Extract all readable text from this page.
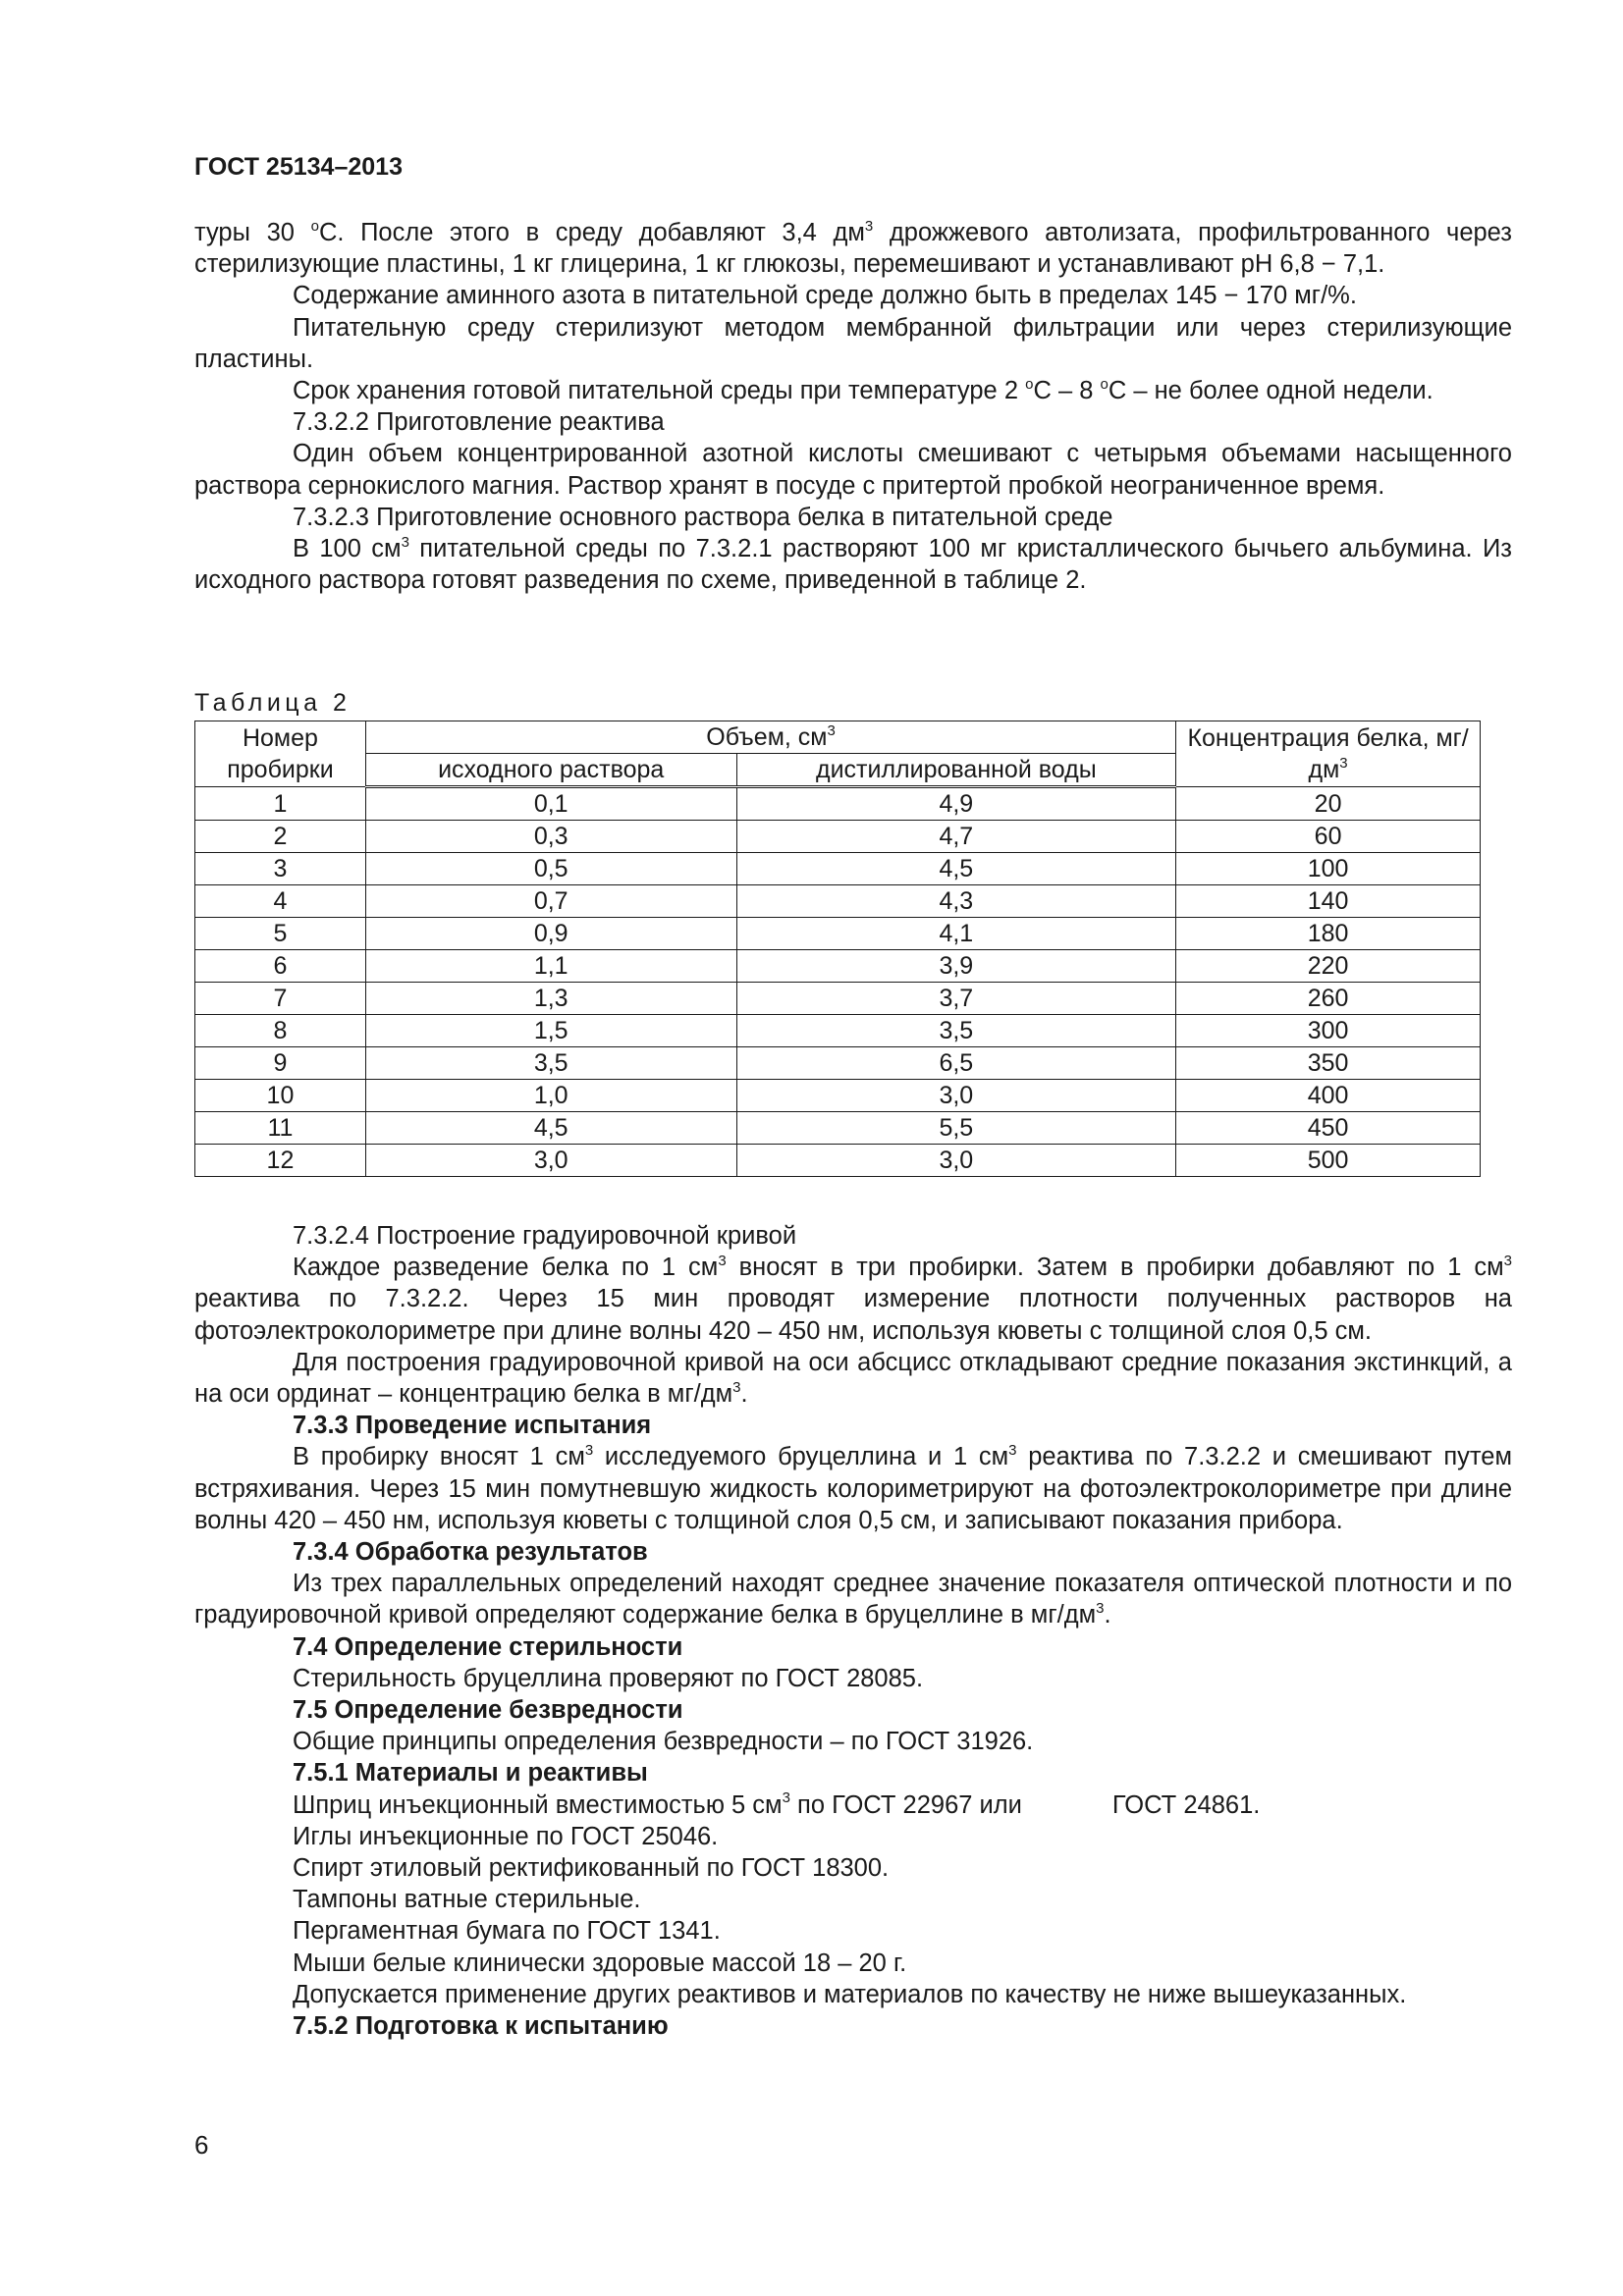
ГОСТ 25134–2013

туры 30 $^о$С. После этого в среду добавляют 3,4 $дм^3$ дрожжевого автолизата, профильтрованного через стерилизующие пластины, 1 кг глицерина, 1 кг глюкозы, перемешивают и устанавливают pH 6,8 − 7,1.

Содержание аминного азота в питательной среде должно быть в пределах 145 − 170 мг/%.

Питательную среду стерилизуют методом мембранной фильтрации или через стерилизующие пластины.

Срок хранения готовой питательной среды при температуре 2 $^о$С – 8 $^о$С – не более одной недели.

7.3.2.2 Приготовление реактива

Один объем концентрированной азотной кислоты смешивают с четырьмя объемами насыщенного раствора сернокислого магния. Раствор хранят в посуде с притертой пробкой неограниченное время.

7.3.2.3 Приготовление основного раствора белка в питательной среде

В 100 $см^3$ питательной среды по 7.3.2.1 растворяют 100 мг кристаллического бычьего альбумина. Из исходного раствора готовят разведения по схеме, приведенной в таблице 2.

Таблица 2
Номер пробирки	Объем, $см^3$		Концентрация белка, $мг/дм^3$
	исходного раствора	дистиллированной воды	
1	0,1	4,9	20
2	0,3	4,7	60
3	0,5	4,5	100
4	0,7	4,3	140
5	0,9	4,1	180
6	1,1	3,9	220
7	1,3	3,7	260
8	1,5	3,5	300
9	3,5	6,5	350
10	1,0	3,0	400
11	4,5	5,5	450
12	3,0	3,0	500

7.3.2.4 Построение градуировочной кривой

Каждое разведение белка по 1 $см^3$ вносят в три пробирки. Затем в пробирки добавляют по 1 $см^3$ реактива по 7.3.2.2. Через 15 мин проводят измерение плотности полученных растворов на фотоэлектроколориметре при длине волны 420 – 450 нм, используя кюветы с толщиной слоя 0,5 см.

Для построения градуировочной кривой на оси абсцисс откладывают средние показания экстинкций, а на оси ординат – концентрацию белка в $мг/дм^3$.

7.3.3 Проведение испытания

В пробирку вносят 1 $см^3$ исследуемого бруцеллина и 1 $см^3$ реактива по 7.3.2.2 и смешивают путем встряхивания. Через 15 мин помутневшую жидкость колориметрируют на фотоэлектроколориметре при длине волны 420 – 450 нм, используя кюветы с толщиной слоя 0,5 см, и записывают показания прибора.

7.3.4 Обработка результатов

Из трех параллельных определений находят среднее значение показателя оптической плотности и по градуировочной кривой определяют содержание белка в бруцеллине в $мг/дм^3$.

7.4 Определение стерильности

Стерильность бруцеллина проверяют по ГОСТ 28085.

7.5 Определение безвредности

Общие принципы определения безвредности – по ГОСТ 31926.

7.5.1 Материалы и реактивы

Шприц инъекционный вместимостью 5 $см^3$ по ГОСТ 22967 или	ГОСТ 24861.

Иглы инъекционные по ГОСТ 25046.

Спирт этиловый ректификованный по ГОСТ 18300.

Тампоны ватные стерильные.

Пергаментная бумага по ГОСТ 1341.

Мыши белые клинически здоровые массой 18 – 20 г.

Допускается применение других реактивов и материалов по качеству не ниже вышеуказанных.

7.5.2 Подготовка к испытанию

6
